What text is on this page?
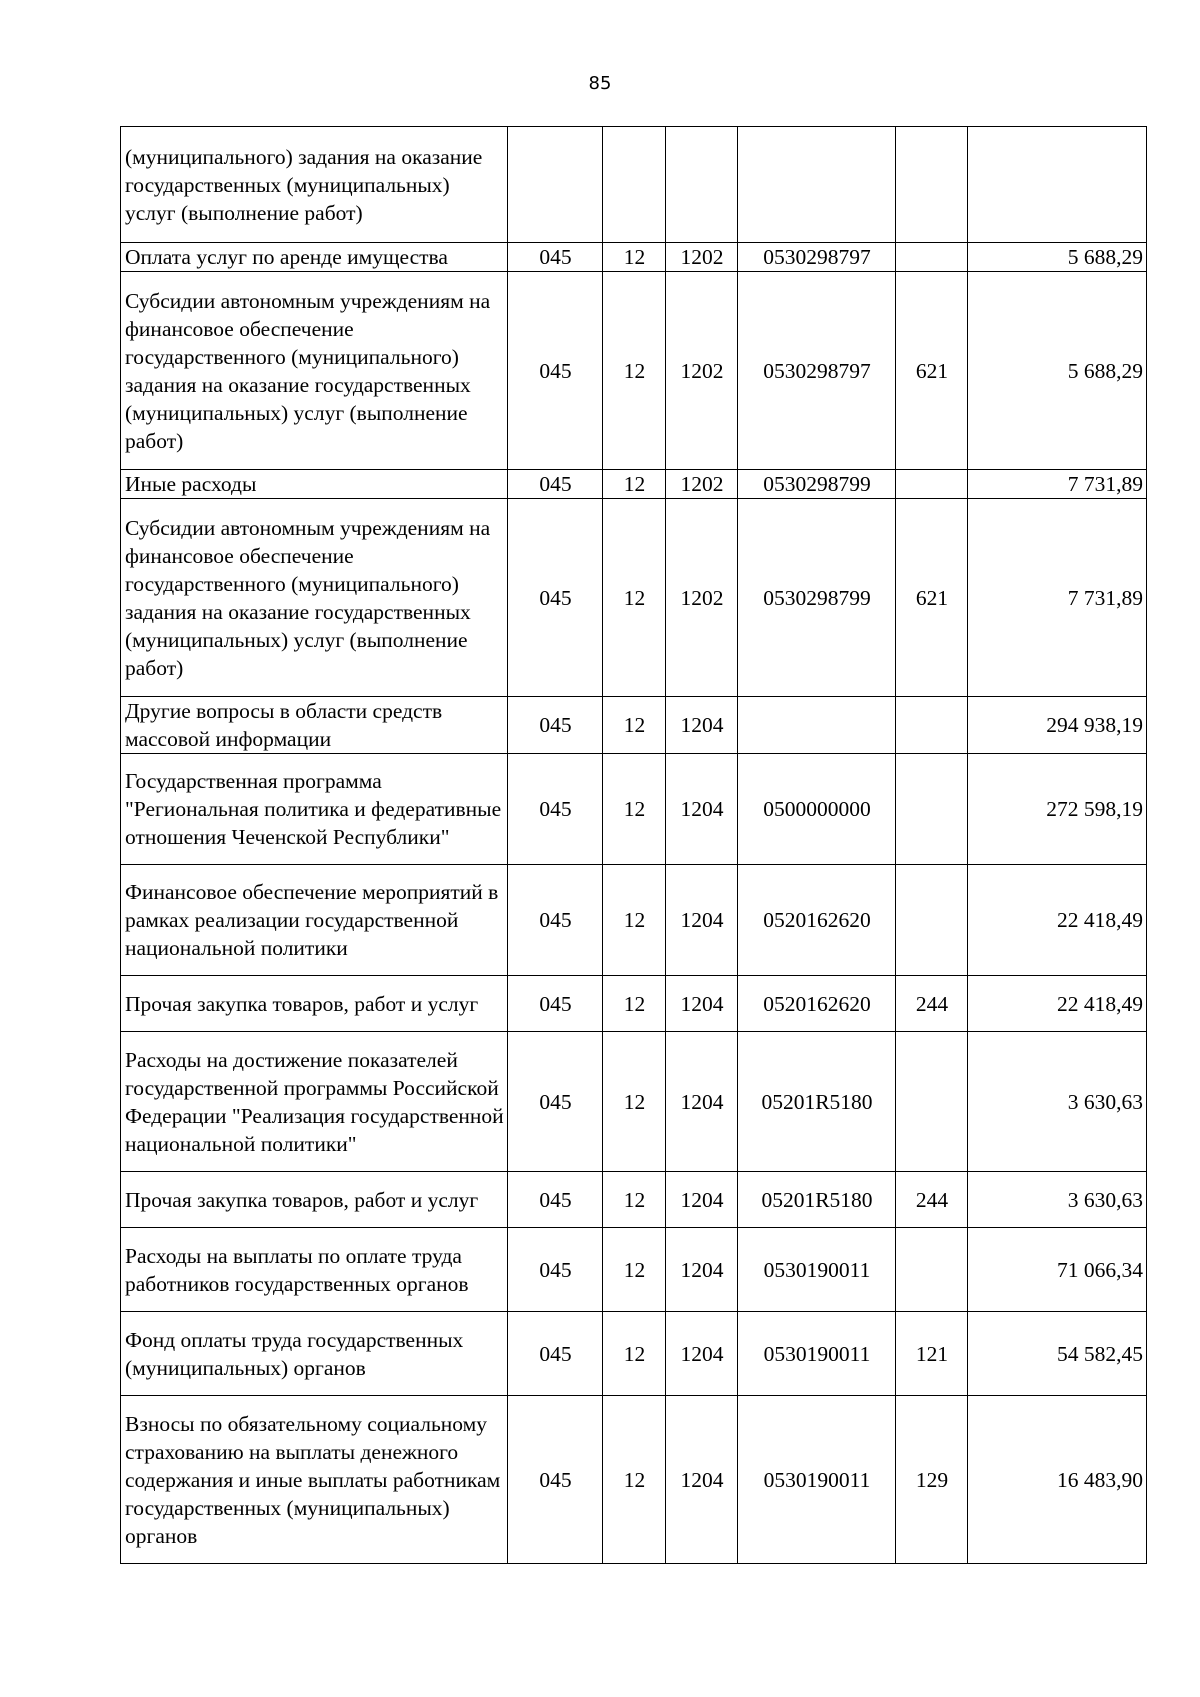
85
(муниципального) задания на оказание государственных (муниципальных) услуг (выполнение работ)						
Оплата услуг по аренде имущества	045	12	1202	0530298797		5 688,29
Субсидии автономным учреждениям на финансовое обеспечение государственного (муниципального) задания на оказание государственных (муниципальных) услуг (выполнение работ)	045	12	1202	0530298797	621	5 688,29
Иные расходы	045	12	1202	0530298799		7 731,89
Субсидии автономным учреждениям на финансовое обеспечение государственного (муниципального) задания на оказание государственных (муниципальных) услуг (выполнение работ)	045	12	1202	0530298799	621	7 731,89
Другие вопросы в области средств массовой информации	045	12	1204			294 938,19
Государственная программа "Региональная политика и федеративные отношения Чеченской Республики"	045	12	1204	0500000000		272 598,19
Финансовое обеспечение мероприятий в рамках реализации государственной национальной политики	045	12	1204	0520162620		22 418,49
Прочая закупка товаров, работ и услуг	045	12	1204	0520162620	244	22 418,49
Расходы на достижение показателей государственной программы Российской Федерации "Реализация государственной национальной политики"	045	12	1204	05201R5180		3 630,63
Прочая закупка товаров, работ и услуг	045	12	1204	05201R5180	244	3 630,63
Расходы на выплаты по оплате труда работников государственных органов	045	12	1204	0530190011		71 066,34
Фонд оплаты труда государственных (муниципальных) органов	045	12	1204	0530190011	121	54 582,45
Взносы по обязательному социальному страхованию на выплаты денежного содержания и иные выплаты работникам государственных (муниципальных) органов	045	12	1204	0530190011	129	16 483,90
